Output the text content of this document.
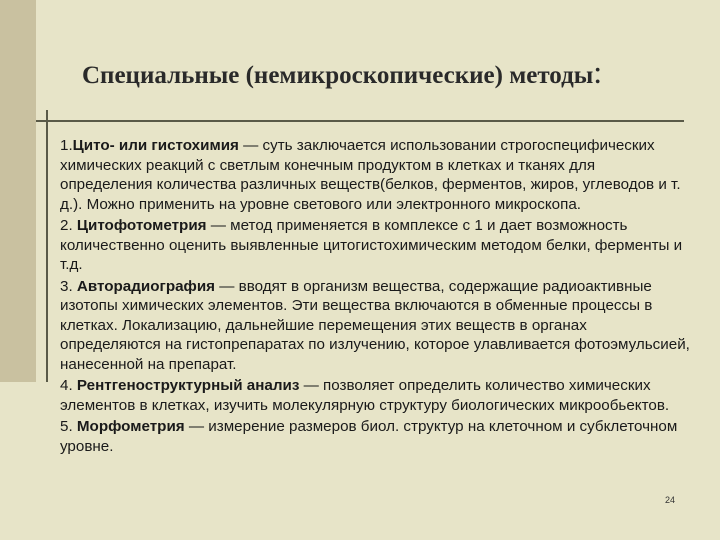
Специальные (немикроскопические) методы:
1.Цито- или гистохимия — суть заключается использовании строгоспецифических химических реакций с светлым конечным продуктом в клетках и тканях для определения количества различных веществ(белков, ферментов, жиров, углеводов и т. д.). Можно применить на уровне светового или электронного микроскопа.
2. Цитофотометрия — метод применяется в комплексе с 1 и дает возможность количественно оценить выявленные цитогистохимическим методом белки, ферменты и т.д.
3. Авторадиография — вводят в организм вещества, содержащие радиоактивные изотопы химических элементов. Эти вещества включаются в обменные процессы в клетках. Локализацию, дальнейшие перемещения этих веществ в органах определяются на гистопрепаратах по излучению, которое улавливается фотоэмульсией, нанесенной на препарат.
4. Рентгеноструктурный анализ — позволяет определить количество химических элементов в клетках, изучить молекулярную структуру биологических микрообьектов.
5. Морфометрия — измерение размеров биол. структур на клеточном и субклеточном уровне.
24
